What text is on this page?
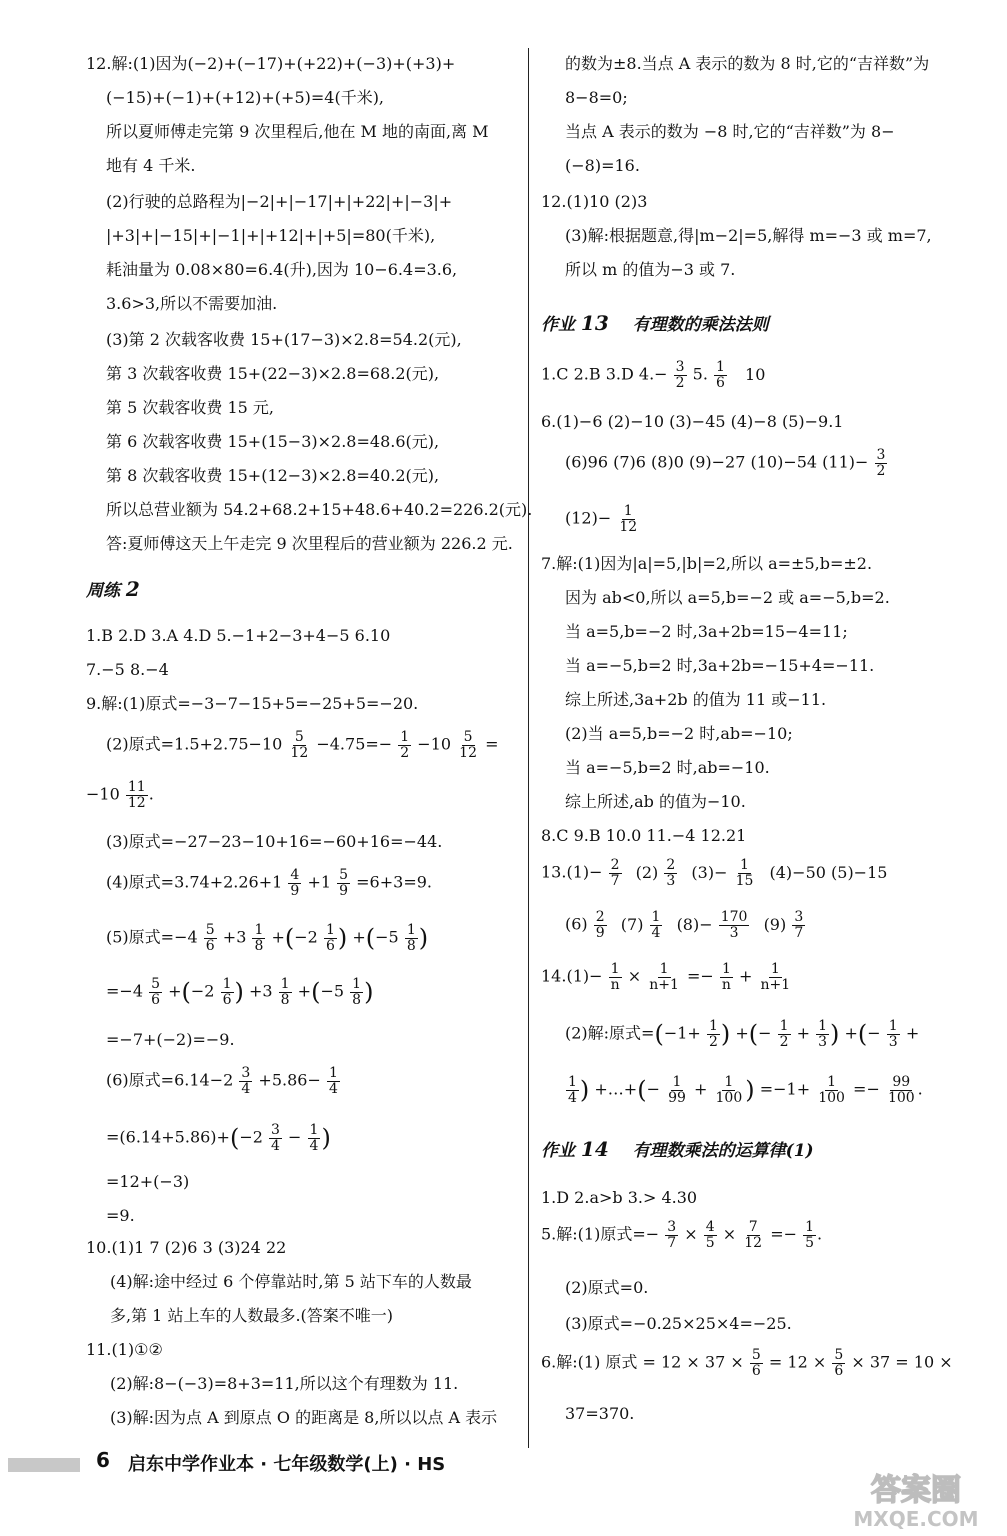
12.解:(1)因为(−2)+(−17)+(+22)+(−3)+(+3)+
(−15)+(−1)+(+12)+(+5)=4(千米),
所以夏师傅走完第 9 次里程后,他在 M 地的南面,离 M
地有 4 千米.
(2)行驶的总路程为|−2|+|−17|+|+22|+|−3|+
|+3|+|−15|+|−1|+|+12|+|+5|=80(千米),
耗油量为 0.08×80=6.4(升),因为 10−6.4=3.6,
3.6>3,所以不需要加油.
(3)第 2 次载客收费 15+(17−3)×2.8=54.2(元),
第 3 次载客收费 15+(22−3)×2.8=68.2(元),
第 5 次载客收费 15 元,
第 6 次载客收费 15+(15−3)×2.8=48.6(元),
第 8 次载客收费 15+(12−3)×2.8=40.2(元),
所以总营业额为 54.2+68.2+15+48.6+40.2=226.2(元).
答:夏师傅这天上午走完 9 次里程后的营业额为 226.2 元.
周练 2
1.B 2.D 3.A 4.D 5.−1+2−3+4−5 6.10
7.−5 8.−4
9.解:(1)原式=−3−7−15+5=−25+5=−20.
(2)原式$=1.5+2.75-10 \frac{5}{12} -4.75=- \frac{1}{2} -10 \frac{5}{12}$ =
$-10 \frac{11}{12}$ .
(3)原式=−27−23−10+16=−60+16=−44.
(4)原式$=3.74+2.26+1 \frac{4}{9} +1 \frac{5}{9} =6+3=9$.
(5)原式$=-4 \frac{5}{6} +3 \frac{1}{8} +(-2 \frac{1}{6}$ ) $+(-5 \frac{1}{8}$ )
$=-4 \frac{5}{6} +(-2 \frac{1}{6}$ ) $+3 \frac{1}{8} +(-5 \frac{1}{8}$ )
=−7+(−2)=−9.
(6)原式$=6.14-2 \frac{3}{4} +5.86- \frac{1}{4}$
$=(6.14+5.86)+(-2 \frac{3}{4} - \frac{1}{4}$ )
=12+(−3)
=9.
10.(1)1 7 (2)6 3 (3)24 22
(4)解:途中经过 6 个停靠站时,第 5 站下车的人数最
多,第 1 站上车的人数最多.(答案不唯一)
11.(1)①②
(2)解:8−(−3)=8+3=11,所以这个有理数为 11.
(3)解:因为点 A 到原点 O 的距离是 8,所以以点 A 表示
的数为±8.当点 A 表示的数为 8 时,它的“吉祥数”为
8−8=0;
当点 A 表示的数为 −8 时,它的“吉祥数”为 8−
(−8)=16.
12.(1)10 (2)3
(3)解:根据题意,得|m−2|=5,解得 m=−3 或 m=7,
所以 m 的值为−3 或 7.
作业 13 有理数的乘法法则
1.C 2.B 3.D $4.- \frac{3}{2} 5$. $\frac{1}{6} 10$
6.(1)−6 (2)−10 (3)−45 (4)−8 (5)−9.1
(6)96 (7)6 (8)0 (9)−27 (10)−54 $(11)- \frac{3}{2}$
$(12)- \frac{1}{12}$
7.解:(1)因为|a|=5,|b|=2,所以 a=±5,b=±2.
因为 ab<0,所以 a=5,b=−2 或 a=−5,b=2.
当 a=5,b=−2 时,3a+2b=15−4=11;
当 a=−5,b=2 时,3a+2b=−15+4=−11.
综上所述,3a+2b 的值为 11 或−11.
(2)当 a=5,b=−2 时,ab=−10;
当 a=−5,b=2 时,ab=−10.
综上所述,ab 的值为−10.
8.C 9.B 10.0 11.−4 12.21
$13.(1)- \frac{2}{7} (2) \frac{2}{3} (3)- \frac{1}{15} (4)-50$ (5)−15
$(6) \frac{2}{9} (7) \frac{1}{4} (8)- \frac{170}{3} (9) \frac{3}{7}$
$14.(1)- \frac{1}{n} \times \frac{1}{n+1} =- \frac{1}{n} + \frac{1}{n+1}$
(2)解:原式$=(-1+ \frac{1}{2}$ ) +(− $\frac{1}{2} + \frac{1}{3}$ ) +(− $\frac{1}{3}$ +
$\frac{1}{4}$ ) +…+(− $\frac{1}{99} + \frac{1}{100}$ ) $=-1+ \frac{1}{100} =- \frac{99}{100}$ .
作业 14 有理数乘法的运算律(1)
1.D 2.a>b 3.> 4.30
5.解:(1)原式=− $\frac{3}{7} \times \frac{4}{5} \times \frac{7}{12} =- \frac{1}{5}$ .
(2)原式=0.
(3)原式=−0.25×25×4=−25.
6.解:(1) 原式 = $12 \times 37 \times \frac{5}{6} = 12 \times \frac{5}{6} \times 37 = 10$ ×
37=370.
6 启东中学作业本 · 七年级数学(上) · HS
答案圈
MXQE.COM
